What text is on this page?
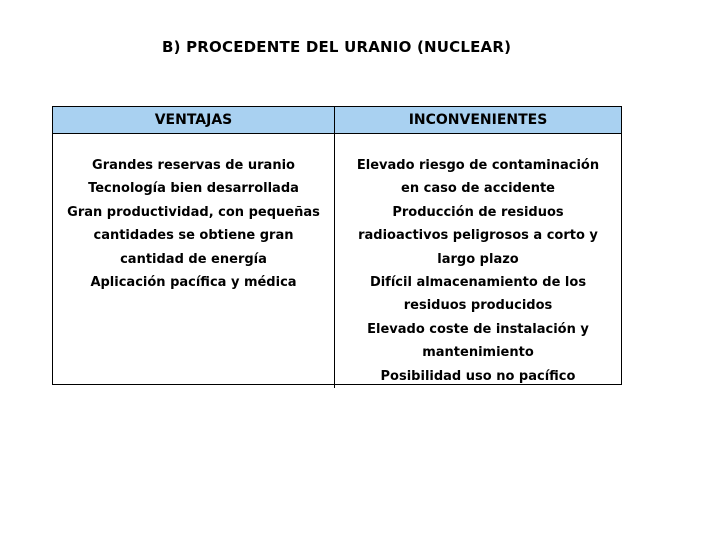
B) PROCEDENTE DEL URANIO (NUCLEAR)
VENTAJAS	INCONVENIENTES
Grandes reservas de uranio
Tecnología bien desarrollada
Gran productividad, con pequeñas
cantidades se obtiene gran
cantidad de energía
Aplicación pacífica y médica
Elevado riesgo de contaminación
en caso de accidente
Producción de residuos
radioactivos peligrosos a corto y
largo plazo
Difícil almacenamiento de los
residuos producidos
Elevado coste de instalación y
mantenimiento
Posibilidad uso no pacífico
